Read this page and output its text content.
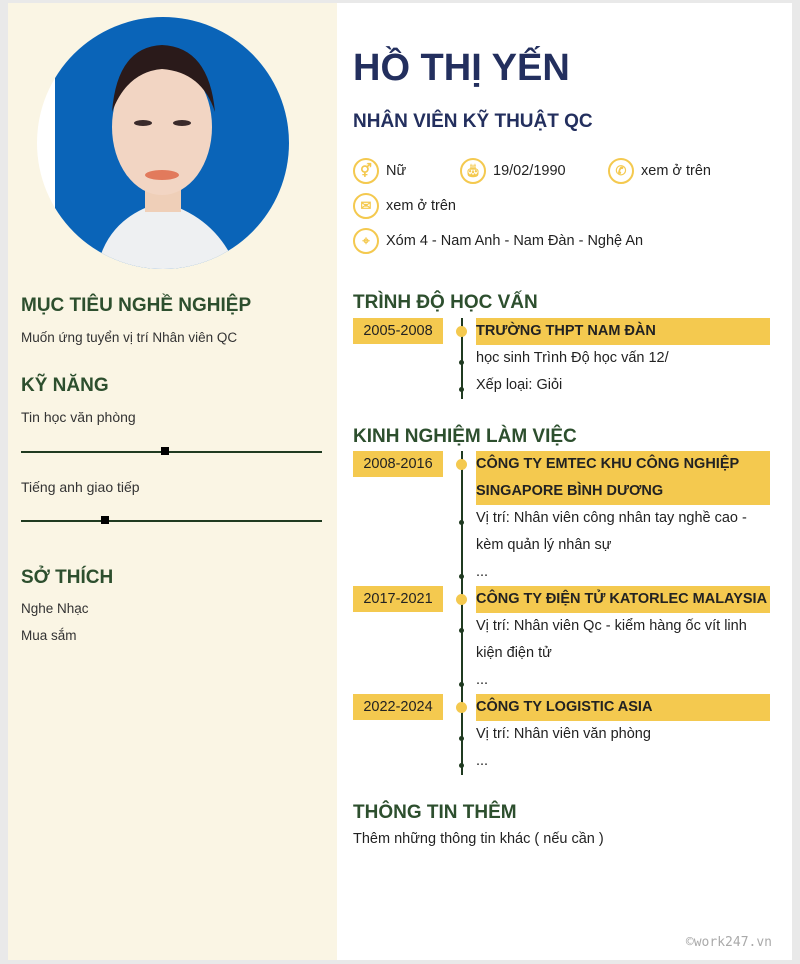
MỤC TIÊU NGHỀ NGHIỆP
Muốn ứng tuyển vị trí Nhân viên QC
KỸ NĂNG
Tin học văn phòng
Tiếng anh giao tiếp
SỞ THÍCH
Nghe Nhạc
Mua sắm
HỒ THỊ YẾN
NHÂN VIÊN KỸ THUẬT QC
⚥ Nữ	🎂︎ 19/02/1990	✆	xem ở trên
✉	xem ở trên
⌖	Xóm 4 - Nam Anh - Nam Đàn - Nghệ An
TRÌNH ĐỘ HỌC VẤN
2005-2008	TRƯỜNG THPT NAM ĐÀN
học sinh Trình Độ học vấn 12/
Xếp loại: Giỏi
KINH NGHIỆM LÀM VIỆC
2008-2016	CÔNG TY EMTEC KHU CÔNG NGHIỆP SINGAPORE BÌNH DƯƠNG
Vị trí: Nhân viên công nhân tay nghề cao - kèm quản lý nhân sự
...
2017-2021	CÔNG TY ĐIỆN TỬ KATORLEC MALAYSIA
Vị trí: Nhân viên Qc - kiểm hàng ốc vít linh kiện điện tử
...
2022-2024	CÔNG TY LOGISTIC ASIA
Vị trí: Nhân viên văn phòng
...
THÔNG TIN THÊM
Thêm những thông tin khác ( nếu cần )
©work247.vn
